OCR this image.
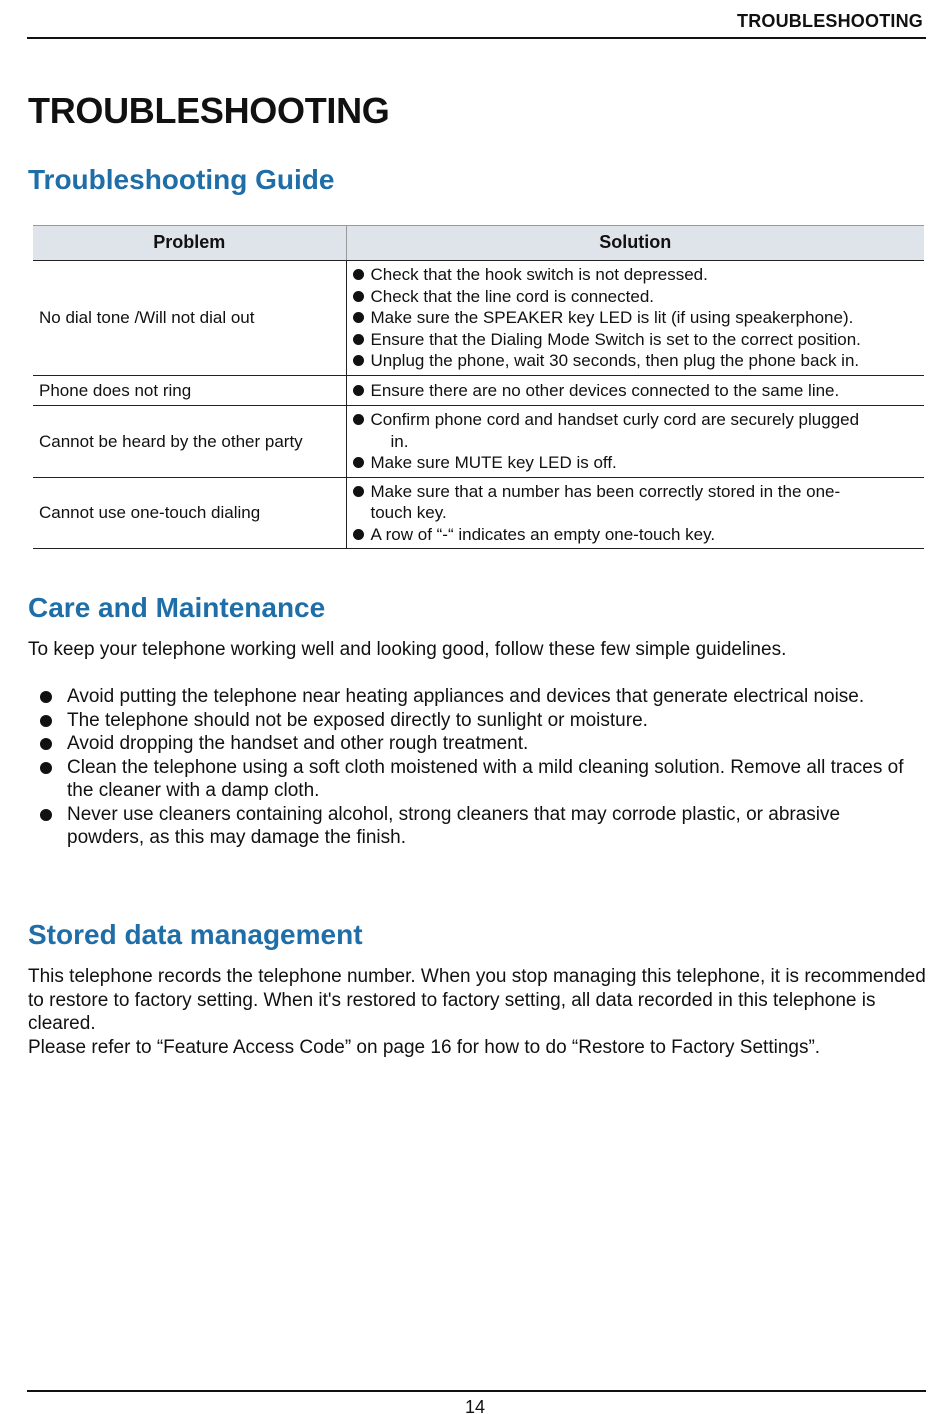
TROUBLESHOOTING
TROUBLESHOOTING
Troubleshooting Guide
Problem	Solution
No dial tone /Will not dial out	Check that the hook switch is not depressed.
Check that the line cord is connected.
Make sure the SPEAKER key LED is lit (if using speakerphone).
Ensure that the Dialing Mode Switch is set to the correct position.
Unplug the phone, wait 30 seconds, then plug the phone back in.

Phone does not ring	Ensure there are no other devices connected to the same line.

Cannot be heard by the other party	Confirm phone cord and handset curly cord are securely plugged
in.
Make sure MUTE key LED is off.

Cannot use one-touch dialing	Make sure that a number has been correctly stored in the one-
touch key.
A row of “-“ indicates an empty one-touch key.
Care and Maintenance

To keep your telephone working well and looking good, follow these few simple guidelines.

Avoid putting the telephone near heating appliances and devices that generate electrical noise.
The telephone should not be exposed directly to sunlight or moisture.
Avoid dropping the handset and other rough treatment.
Clean the telephone using a soft cloth moistened with a mild cleaning solution. Remove all traces of the cleaner with a damp cloth.
Never use cleaners containing alcohol, strong cleaners that may corrode plastic, or abrasive powders, as this may damage the finish.
Stored data management

This telephone records the telephone number. When you stop managing this telephone, it is recommended to restore to factory setting. When it's restored to factory setting, all data recorded in this telephone is cleared.

Please refer to “Feature Access Code” on page 16 for how to do “Restore to Factory Settings”.

14
